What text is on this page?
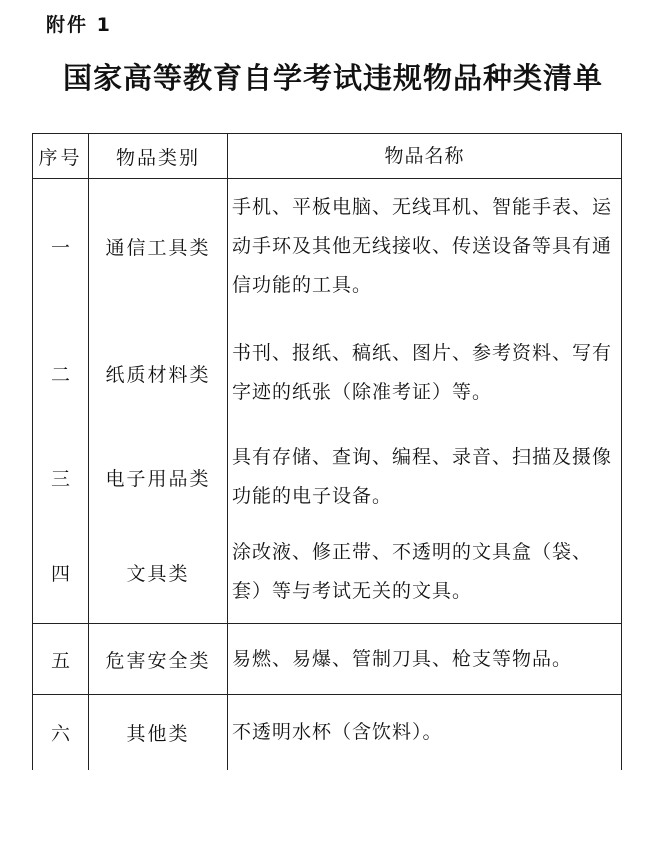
附件 1
国家高等教育自学考试违规物品种类清单
序号	物品类别	物品名称
一	通信工具类	手机、平板电脑、无线耳机、智能手表、运动手环及其他无线接收、传送设备等具有通信功能的工具。
二	纸质材料类	书刊、报纸、稿纸、图片、参考资料、写有字迹的纸张（除准考证）等。
三	电子用品类	具有存储、查询、编程、录音、扫描及摄像功能的电子设备。
四	文具类	涂改液、修正带、不透明的文具盒（袋、套）等与考试无关的文具。
五	危害安全类	易燃、易爆、管制刀具、枪支等物品。
六	其他类	不透明水杯（含饮料）。
